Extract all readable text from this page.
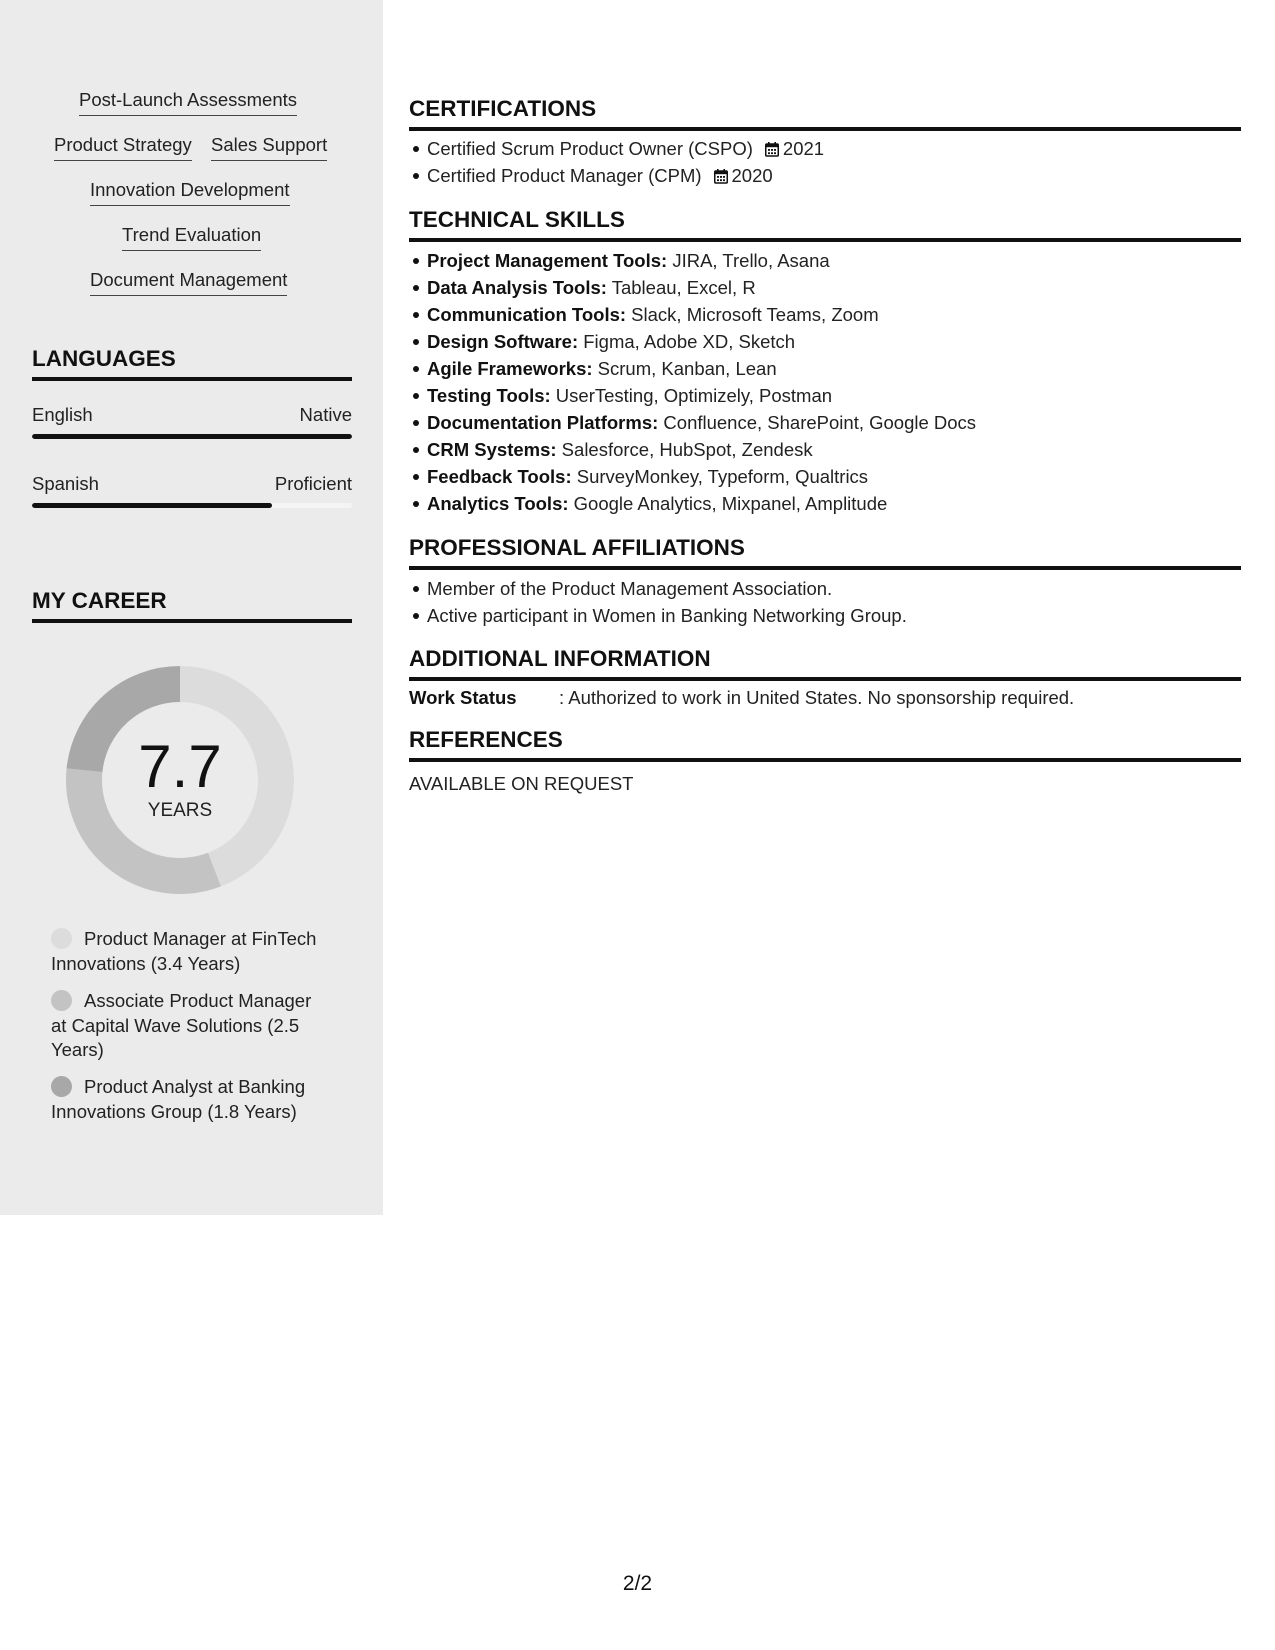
Post-Launch Assessments
Product Strategy Sales Support
Innovation Development
Trend Evaluation
Document Management
LANGUAGES
English	Native
Spanish	Proficient
MY CAREER
7.7
YEARS
Product Manager at FinTech Innovations (3.4 Years)
Associate Product Manager at Capital Wave Solutions (2.5 Years)
Product Analyst at Banking Innovations Group (1.8 Years)
CERTIFICATIONS
Certified Scrum Product Owner (CSPO) 2021
Certified Product Manager (CPM) 2020
TECHNICAL SKILLS
Project Management Tools: JIRA, Trello, Asana
Data Analysis Tools: Tableau, Excel, R
Communication Tools: Slack, Microsoft Teams, Zoom
Design Software: Figma, Adobe XD, Sketch
Agile Frameworks: Scrum, Kanban, Lean
Testing Tools: UserTesting, Optimizely, Postman
Documentation Platforms: Confluence, SharePoint, Google Docs
CRM Systems: Salesforce, HubSpot, Zendesk
Feedback Tools: SurveyMonkey, Typeform, Qualtrics
Analytics Tools: Google Analytics, Mixpanel, Amplitude
PROFESSIONAL AFFILIATIONS
Member of the Product Management Association.
Active participant in Women in Banking Networking Group.
ADDITIONAL INFORMATION
Work Status : Authorized to work in United States. No sponsorship required.
REFERENCES
AVAILABLE ON REQUEST
2/2
